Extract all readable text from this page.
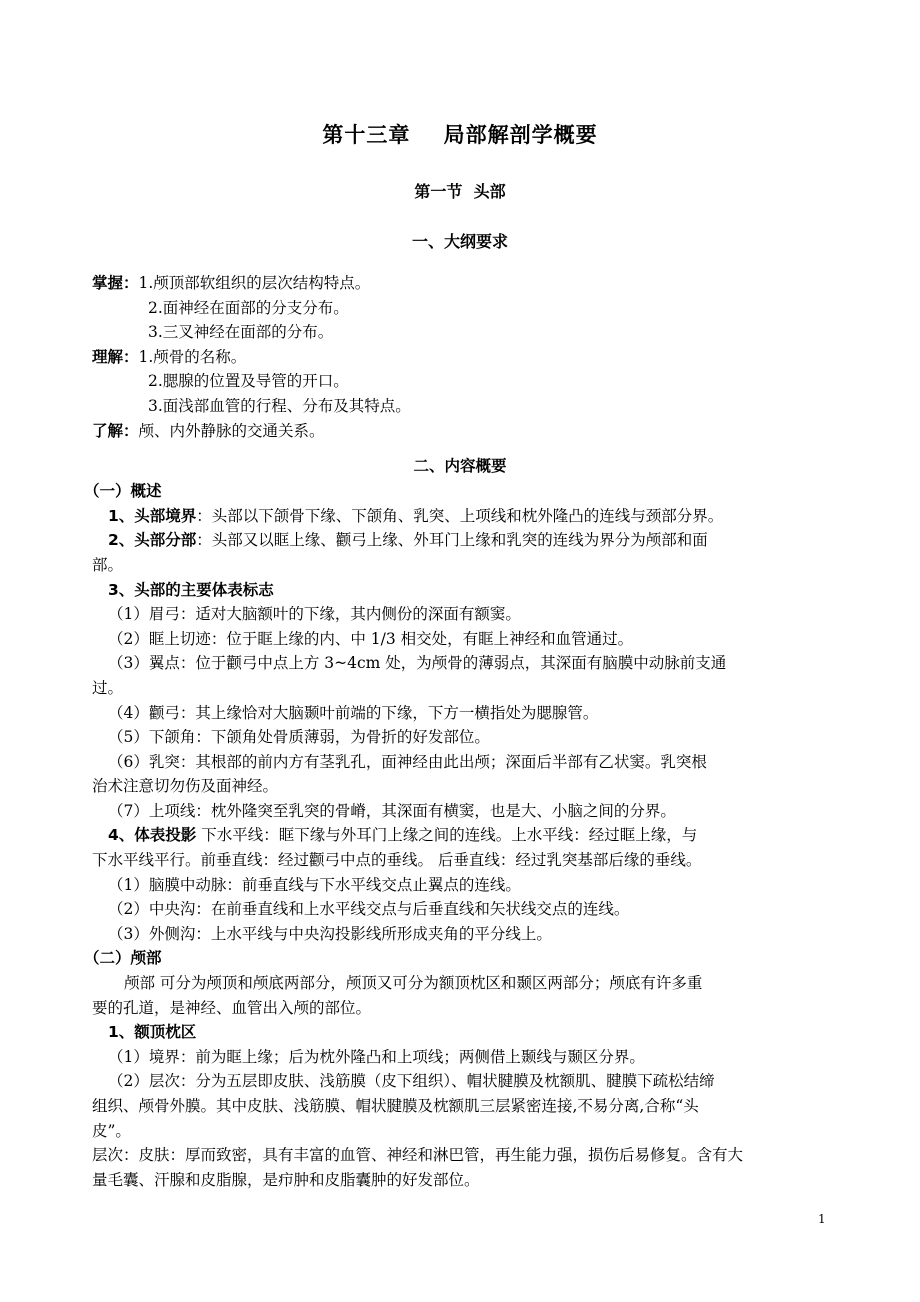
第十三章    局部解剖学概要
第一节  头部
一、大纲要求
掌握：1.颅顶部软组织的层次结构特点。
2.面神经在面部的分支分布。
3.三叉神经在面部的分布。
理解：1.颅骨的名称。
2.腮腺的位置及导管的开口。
3.面浅部血管的行程、分布及其特点。
了解：颅、内外静脉的交通关系。
二、内容概要
（一）概述
1、头部境界：头部以下颌骨下缘、下颌角、乳突、上项线和枕外隆凸的连线与颈部分界。
2、头部分部：头部又以眶上缘、颧弓上缘、外耳门上缘和乳突的连线为界分为颅部和面
部。
3、头部的主要体表标志
（1）眉弓：适对大脑额叶的下缘，其内侧份的深面有额窦。
（2）眶上切迹：位于眶上缘的内、中 1/3 相交处，有眶上神经和血管通过。
（3）翼点：位于颧弓中点上方 3~4cm 处，为颅骨的薄弱点，其深面有脑膜中动脉前支通
过。
（4）颧弓：其上缘恰对大脑颞叶前端的下缘，下方一横指处为腮腺管。
（5）下颌角：下颌角处骨质薄弱，为骨折的好发部位。
（6）乳突：其根部的前内方有茎乳孔，面神经由此出颅；深面后半部有乙状窦。乳突根
治术注意切勿伤及面神经。
（7）上项线：枕外隆突至乳突的骨嵴，其深面有横窦，也是大、小脑之间的分界。
4、体表投影 下水平线：眶下缘与外耳门上缘之间的连线。上水平线：经过眶上缘，与
下水平线平行。前垂直线：经过颧弓中点的垂线。 后垂直线：经过乳突基部后缘的垂线。
（1）脑膜中动脉：前垂直线与下水平线交点止翼点的连线。
（2）中央沟：在前垂直线和上水平线交点与后垂直线和矢状线交点的连线。
（3）外侧沟：上水平线与中央沟投影线所形成夹角的平分线上。
（二）颅部
颅部 可分为颅顶和颅底两部分，颅顶又可分为额顶枕区和颞区两部分；颅底有许多重
要的孔道，是神经、血管出入颅的部位。
1、额顶枕区
（1）境界：前为眶上缘；后为枕外隆凸和上项线；两侧借上颞线与颞区分界。
（2）层次：分为五层即皮肤、浅筋膜（皮下组织）、帽状腱膜及枕额肌、腱膜下疏松结缔
组织、颅骨外膜。其中皮肤、浅筋膜、帽状腱膜及枕额肌三层紧密连接,不易分离,合称“头
皮”。
层次：皮肤：厚而致密，具有丰富的血管、神经和淋巴管，再生能力强，损伤后易修复。含有大
量毛囊、汗腺和皮脂腺，是疖肿和皮脂囊肿的好发部位。
1
